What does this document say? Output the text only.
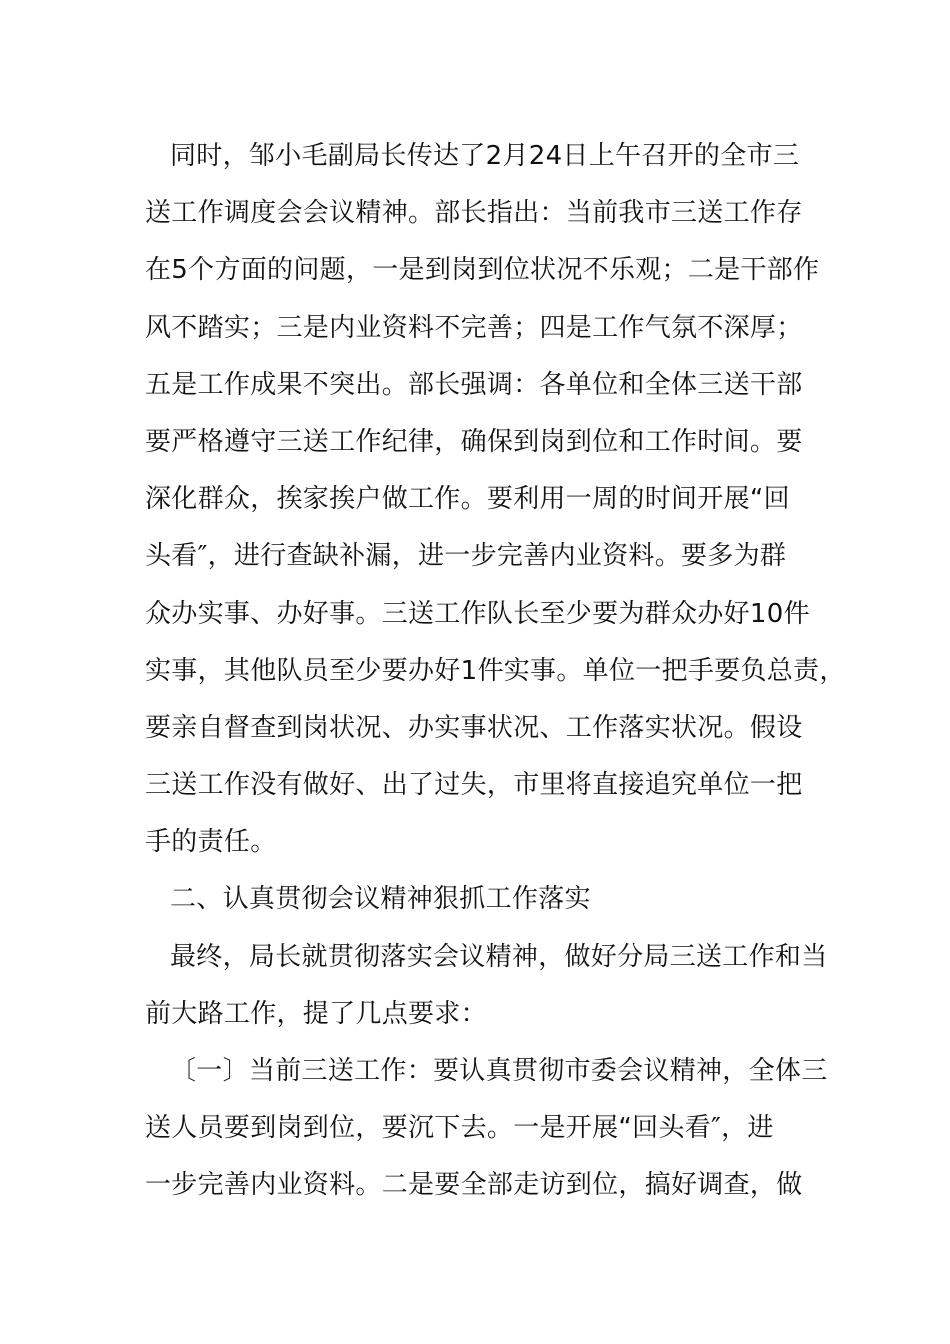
同时，邹小毛副局长传达了2月24日上午召开的全市三
送工作调度会会议精神。部长指出：当前我市三送工作存
在5个方面的问题，一是到岗到位状况不乐观；二是干部作
风不踏实；三是内业资料不完善；四是工作气氛不深厚；
五是工作成果不突出。部长强调：各单位和全体三送干部
要严格遵守三送工作纪律，确保到岗到位和工作时间。要
深化群众，挨家挨户做工作。要利用一周的时间开展“回
头看″，进行查缺补漏，进一步完善内业资料。要多为群
众办实事、办好事。三送工作队长至少要为群众办好10件
实事，其他队员至少要办好1件实事。单位一把手要负总责，
要亲自督查到岗状况、办实事状况、工作落实状况。假设
三送工作没有做好、出了过失，市里将直接追究单位一把
手的责任。
二、认真贯彻会议精神狠抓工作落实
最终，局长就贯彻落实会议精神，做好分局三送工作和当
前大路工作，提了几点要求：
〔一〕当前三送工作：要认真贯彻市委会议精神，全体三
送人员要到岗到位，要沉下去。一是开展“回头看″，进
一步完善内业资料。二是要全部走访到位，搞好调查，做
